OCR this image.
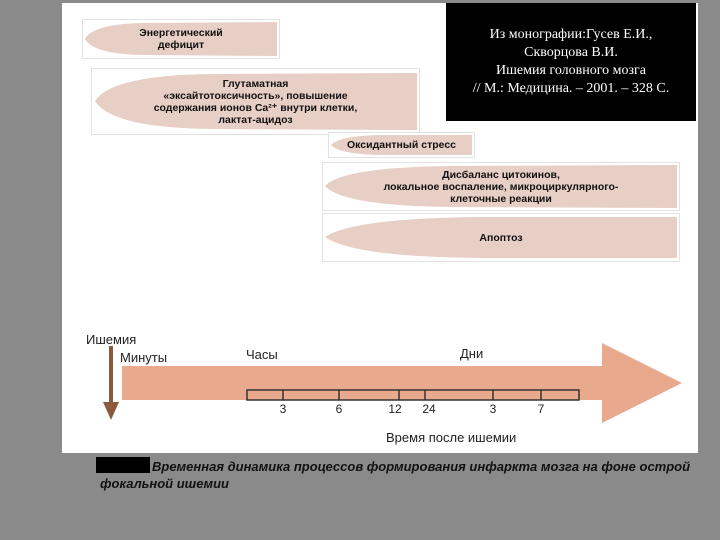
Энергетический
дефицит
Глутаматная
«эксайтотоксичность», повышение
содержания ионов Ca²⁺ внутри клетки,
лактат-ацидоз
Оксидантный стресс
Дисбаланс цитокинов,
локальное воспаление, микроциркулярного-
клеточные реакции
Апоптоз
Из монографии:Гусев Е.И.,
Скворцова В.И.
Ишемия головного мозга
// М.: Медицина. – 2001. – 328 С.
Ишемия
Минуты	Часы	Дни
3	6	12	24	3	7
Время после ишемии
Временная динамика процессов формирования инфаркта мозга на фоне острой фокальной ишемии
